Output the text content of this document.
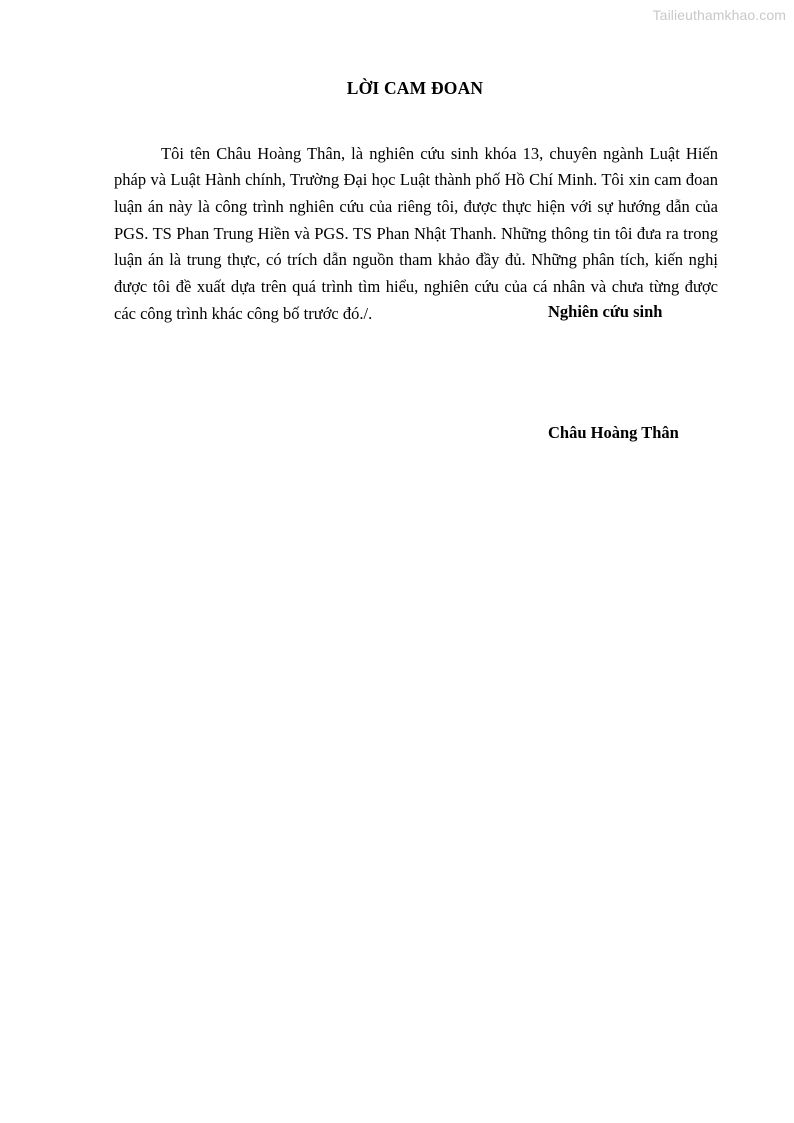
Tailieuthamkhao.com
LỜI CAM ĐOAN

Tôi tên Châu Hoàng Thân, là nghiên cứu sinh khóa 13, chuyên ngành Luật Hiến pháp và Luật Hành chính, Trường Đại học Luật thành phố Hồ Chí Minh. Tôi xin cam đoan luận án này là công trình nghiên cứu của riêng tôi, được thực hiện với sự hướng dẫn của PGS. TS Phan Trung Hiền và PGS. TS Phan Nhật Thanh. Những thông tin tôi đưa ra trong luận án là trung thực, có trích dẫn nguồn tham khảo đầy đủ. Những phân tích, kiến nghị được tôi đề xuất dựa trên quá trình tìm hiểu, nghiên cứu của cá nhân và chưa từng được các công trình khác công bố trước đó./.	Nghiên cứu sinh
Châu Hoàng Thân
